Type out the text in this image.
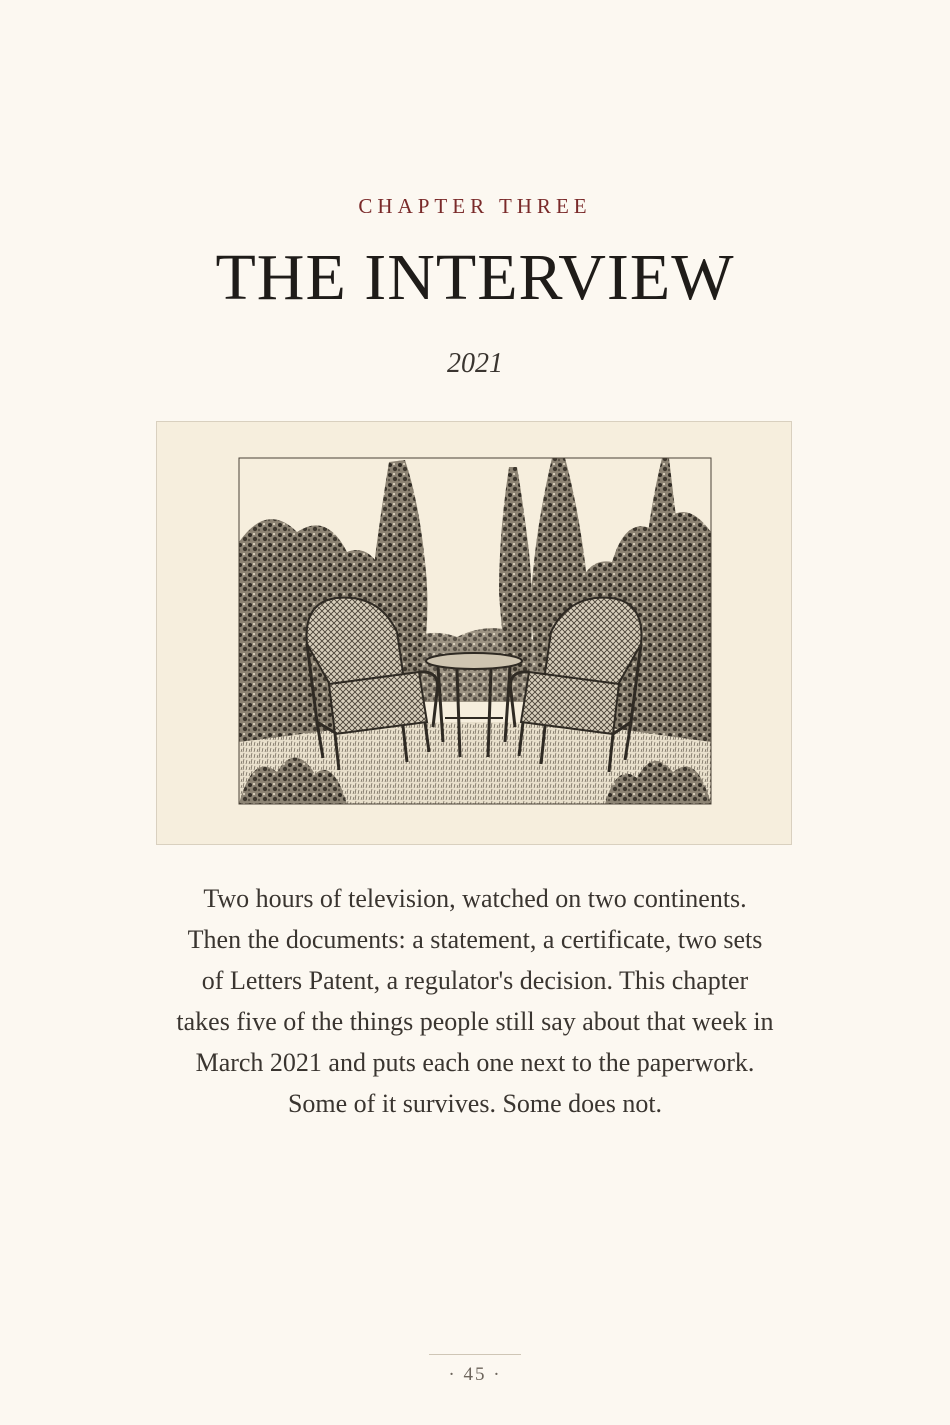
CHAPTER THREE
THE INTERVIEW
2021
Two hours of television, watched on two continents. Then the documents: a statement, a certificate, two sets of Letters Patent, a regulator's decision. This chapter takes five of the things people still say about that week in March 2021 and puts each one next to the paperwork. Some of it survives. Some does not.
· 45 ·
